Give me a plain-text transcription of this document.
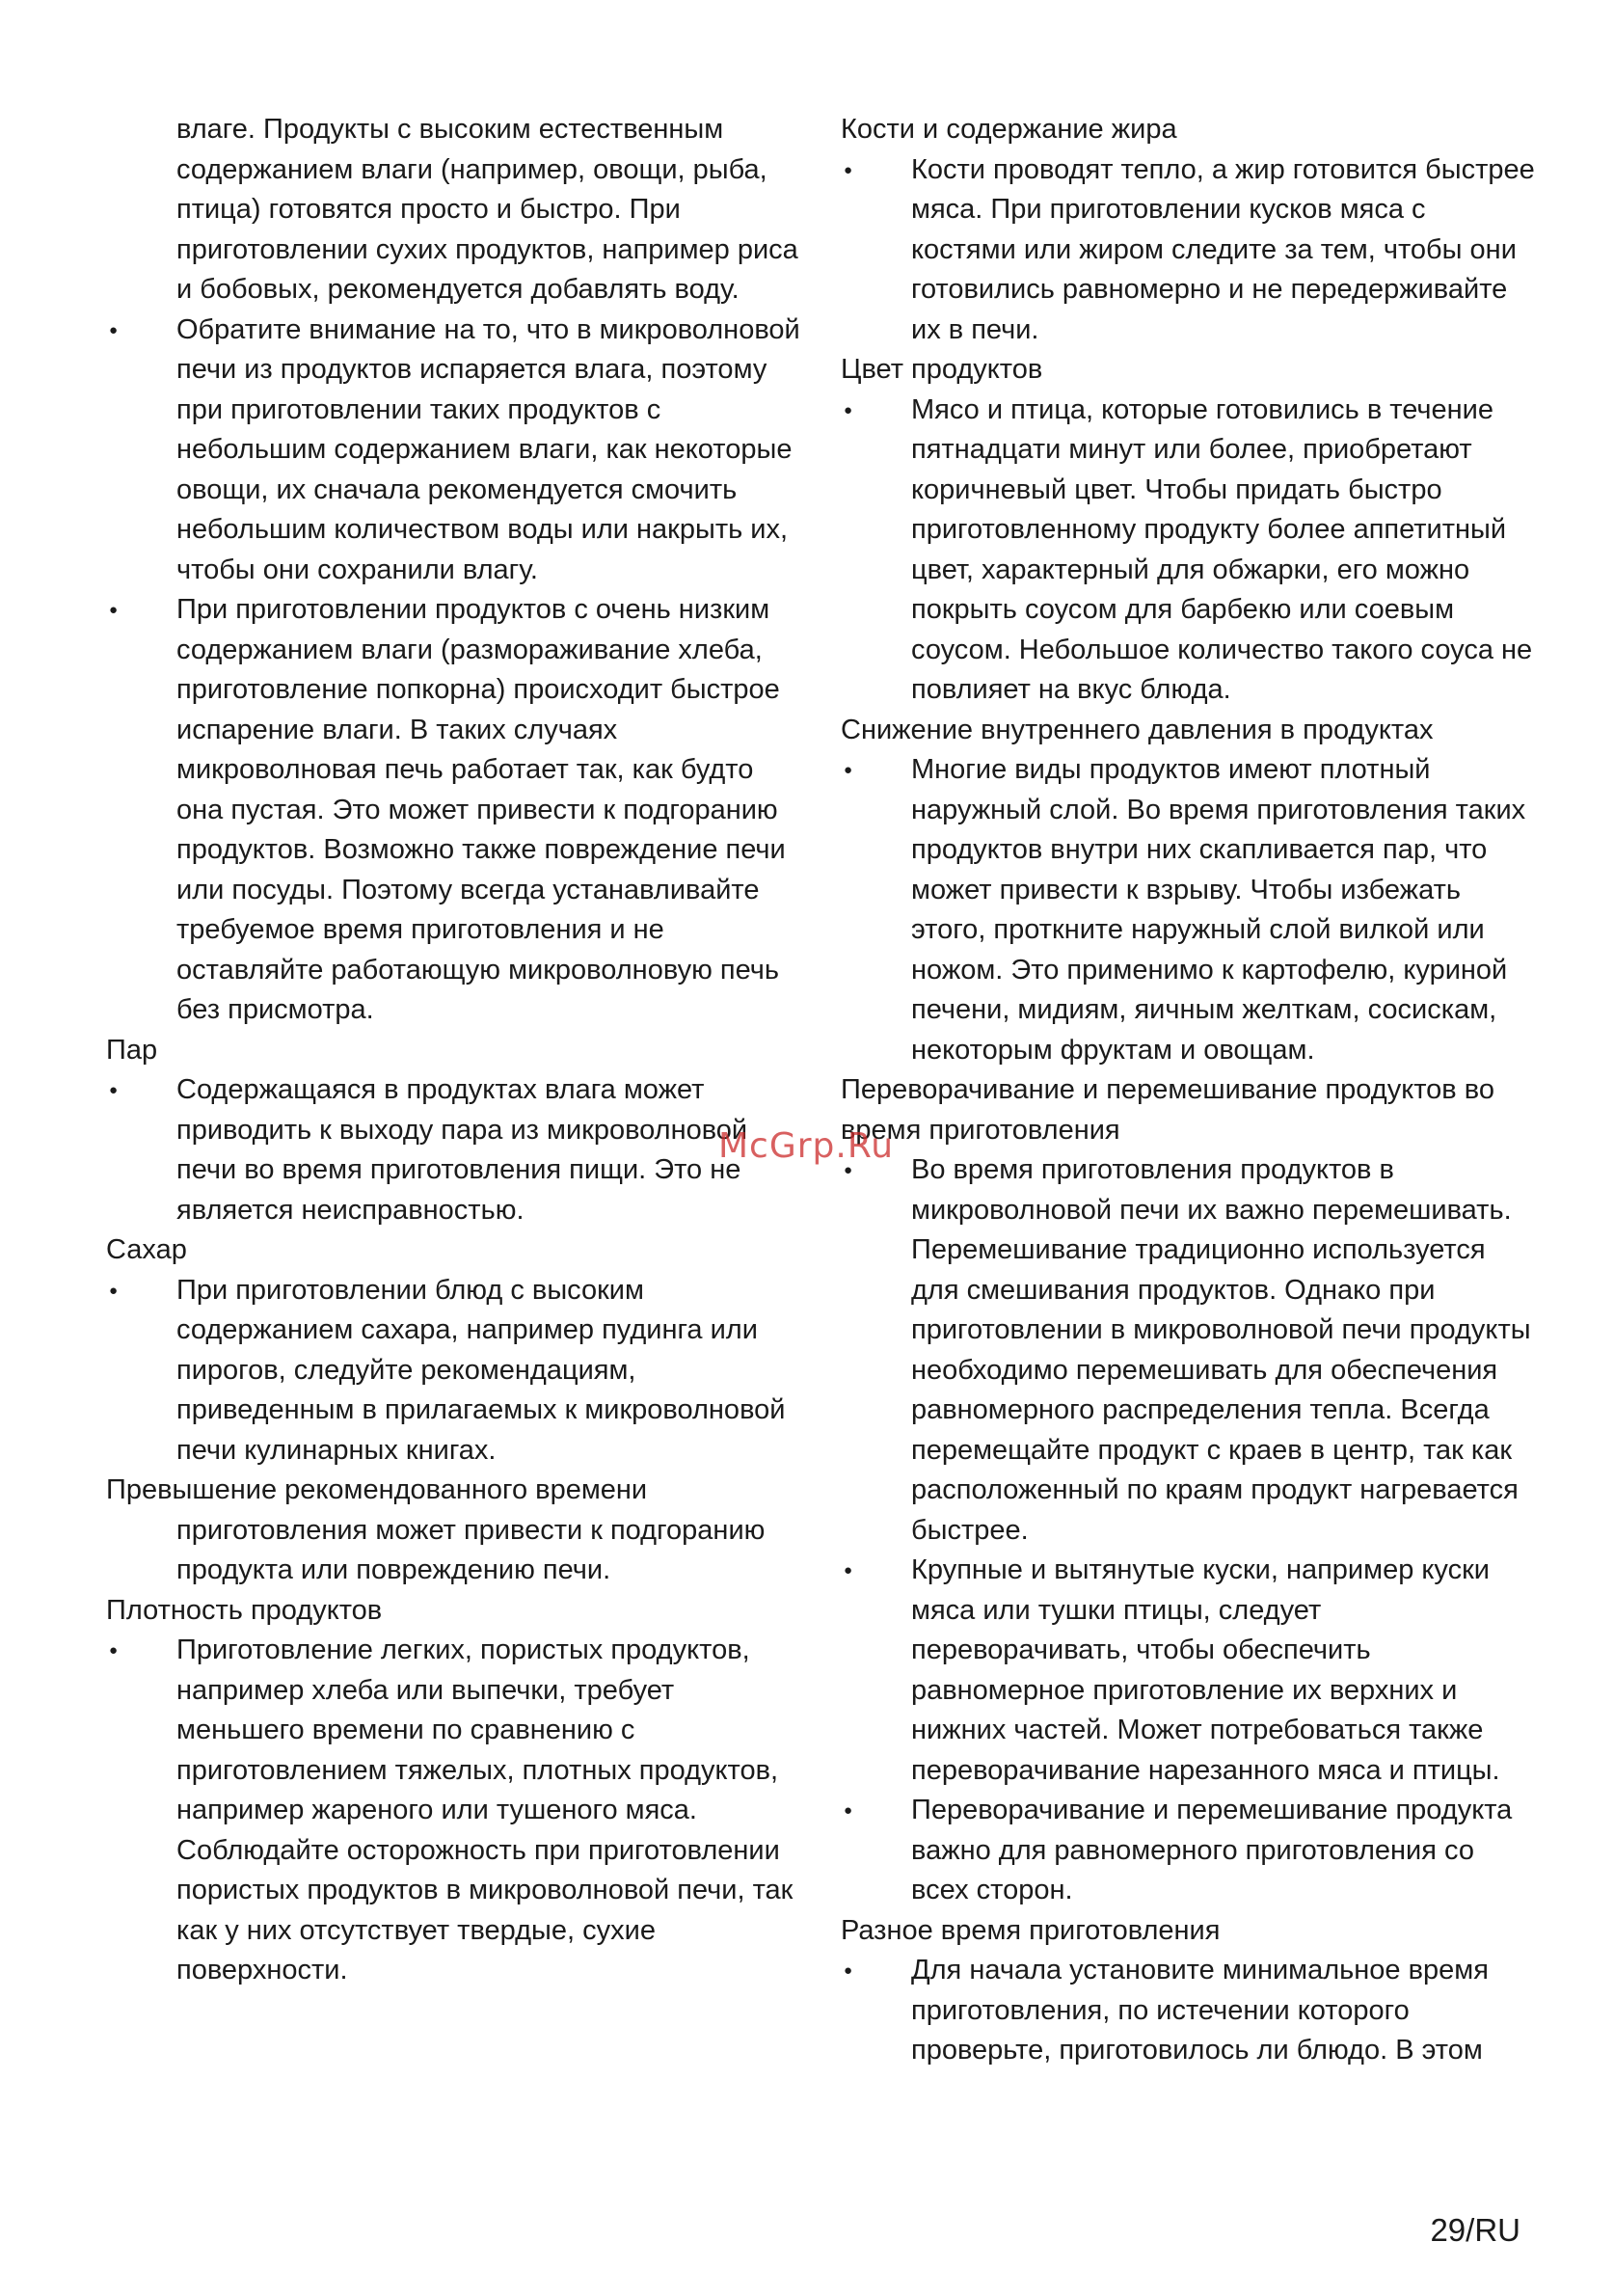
влаге. Продукты с высоким естественным содержанием влаги (например, овощи, рыба, птица) готовятся просто и быстро. При приготовлении сухих продуктов, например риса и бобовых, рекомендуется добавлять воду.

●

Обратите внимание на то, что в микроволновой печи из продуктов испаряется влага, поэтому при приготовлении таких продуктов с небольшим содержанием влаги, как некоторые овощи, их сначала рекомендуется смочить небольшим количеством воды или накрыть их, чтобы они сохранили влагу.

●

При приготовлении продуктов с очень низким содержанием влаги (размораживание хлеба, приготовление попкорна) происходит быстрое испарение влаги. В таких случаях микроволновая печь работает так, как будто она пустая. Это может привести к подгоранию продуктов. Возможно также повреждение печи или посуды. Поэтому всегда устанавливайте требуемое время приготовления и не оставляйте работающую микроволновую печь без присмотра.

Пар

●

Содержащаяся в продуктах влага может приводить к выходу пара из микроволновой печи во время приготовления пищи. Это не является неисправностью.

Сахар

●

При приготовлении блюд с высоким содержанием сахара, например пудинга или пирогов, следуйте рекомендациям, приведенным в прилагаемых к микроволновой печи кулинарных книгах.

Превышение рекомендованного времени приготовления может привести к подгоранию продукта или повреждению печи.

Плотность продуктов

●

Приготовление легких, пористых продуктов, например хлеба или выпечки, требует меньшего времени по сравнению с приготовлением тяжелых, плотных продуктов, например жареного или тушеного мяса. Соблюдайте осторожность при приготовлении пористых продуктов в микроволновой печи, так как у них отсутствует твердые, сухие поверхности.

Кости и содержание жира

●

Кости проводят тепло, а жир готовится быстрее мяса. При приготовлении кусков мяса с костями или жиром следите за тем, чтобы они готовились равномерно и не передерживайте их в печи.

Цвет продуктов

●

Мясо и птица, которые готовились в течение пятнадцати минут или более, приобретают коричневый цвет. Чтобы придать быстро приготовленному продукту более аппетитный цвет, характерный для обжарки, его можно покрыть соусом для барбекю или соевым соусом. Небольшое количество такого соуса не повлияет на вкус блюда.

Снижение внутреннего давления в продуктах

●

Многие виды продуктов имеют плотный наружный слой. Во время приготовления таких продуктов внутри них скапливается пар, что может привести к взрыву. Чтобы избежать этого, проткните наружный слой вилкой или ножом. Это применимо к картофелю, куриной печени, мидиям, яичным желткам, сосискам, некоторым фруктам и овощам.

Переворачивание и перемешивание продуктов во время приготовления

●

Во время приготовления продуктов в микроволновой печи их важно перемешивать. Перемешивание традиционно используется для смешивания продуктов. Однако при приготовлении в микроволновой печи продукты необходимо перемешивать для обеспечения равномерного распределения тепла. Всегда перемещайте продукт с краев в центр, так как расположенный по краям продукт нагревается быстрее.

●

Крупные и вытянутые куски, например куски мяса или тушки птицы, следует переворачивать, чтобы обеспечить равномерное приготовление их верхних и нижних частей. Может потребоваться также переворачивание нарезанного мяса и птицы.

●

Переворачивание и перемешивание продукта важно для равномерного приготовления со всех сторон.

Разное время приготовления

●

Для начала установите минимальное время приготовления, по истечении которого проверьте, приготовилось ли блюдо. В этом

McGrp.Ru
29/RU
